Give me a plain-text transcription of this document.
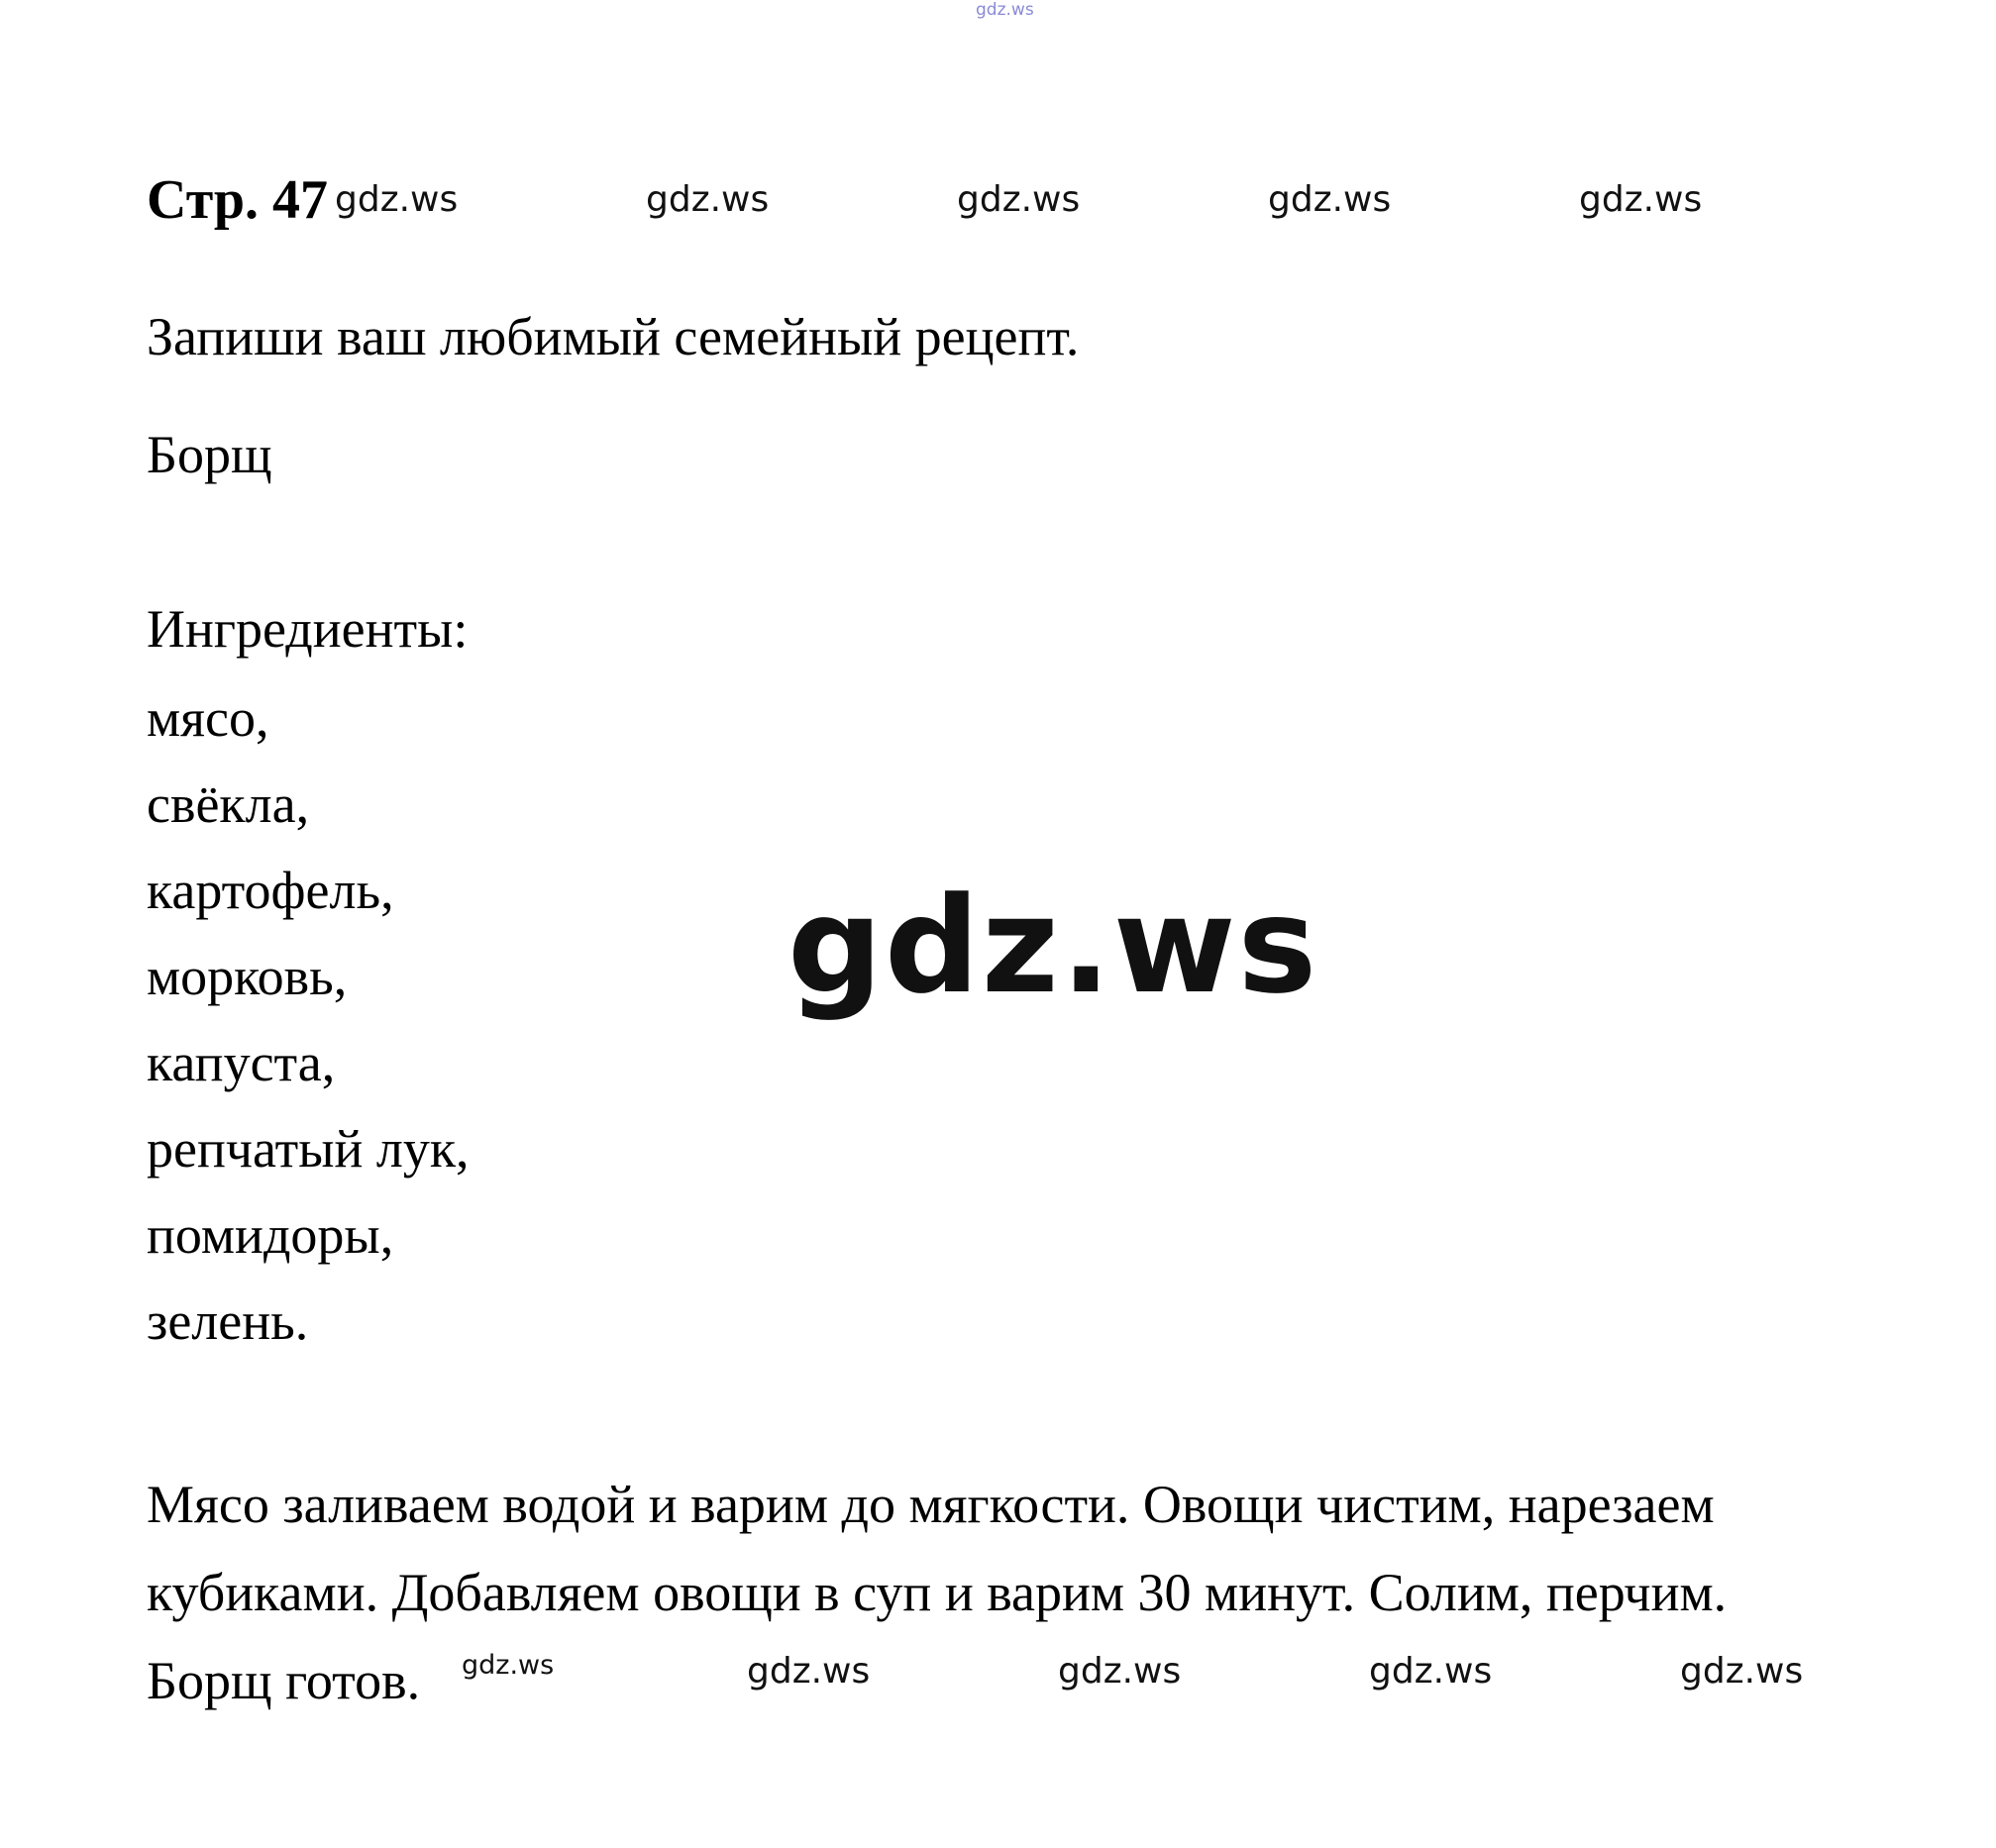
gdz.ws
Стр. 47 gdz.ws	gdz.ws	gdz.ws	gdz.ws	gdz.ws
Запиши ваш любимый семейный рецепт.
Борщ
Ингредиенты:
мясо,
свёкла,
картофель,
морковь,
капуста,
репчатый лук,
помидоры,
зелень.
gdz.ws
Мясо заливаем водой и варим до мягкости. Овощи чистим, нарезаем
кубиками. Добавляем овощи в суп и варим 30 минут. Солим, перчим.
Борщ готов.	gdz.ws	gdz.ws	gdz.ws	gdz.ws	gdz.ws
